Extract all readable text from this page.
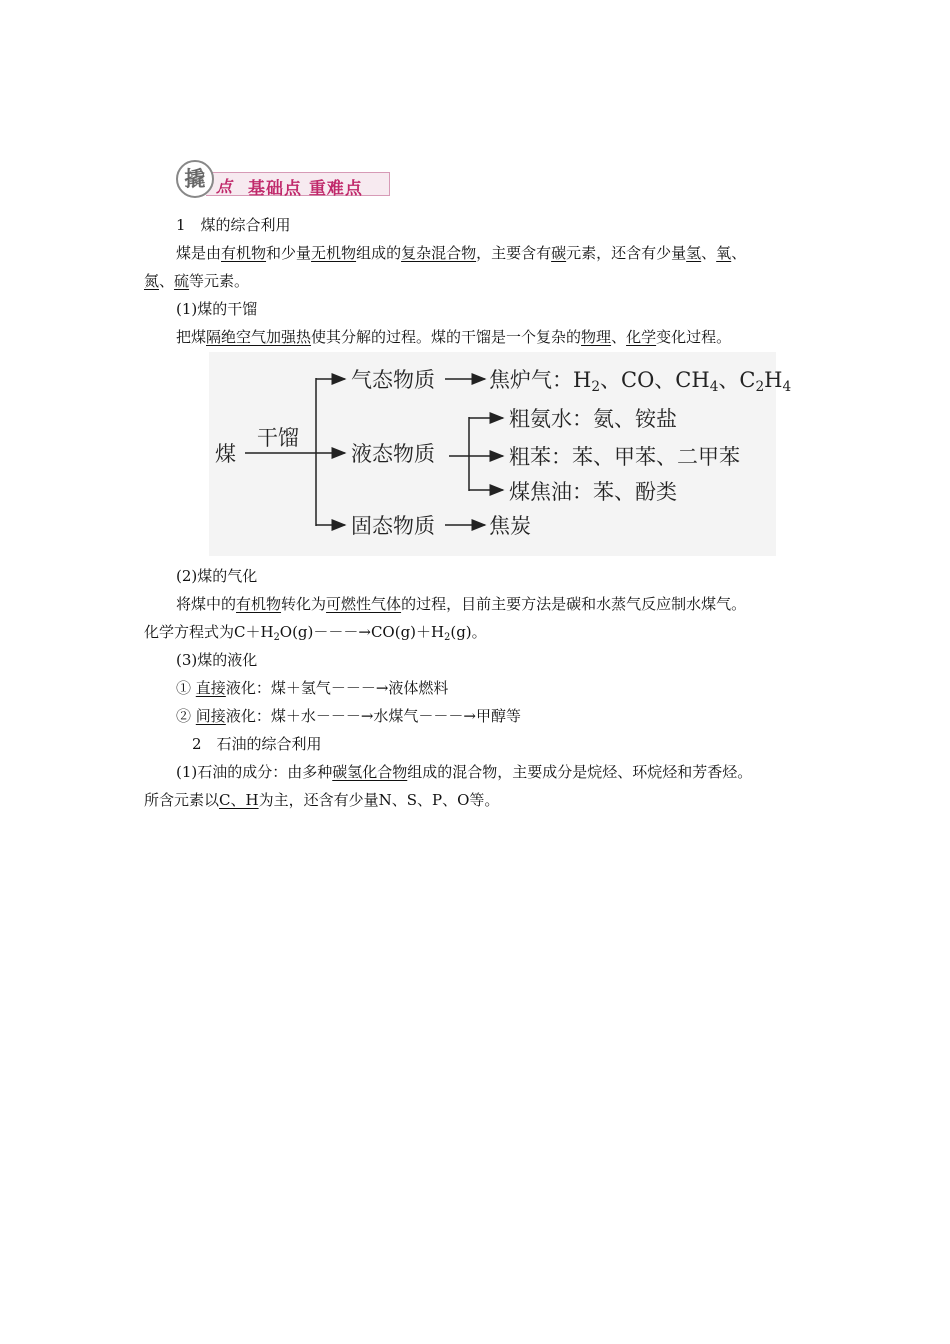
撬 点 基础点 重难点
1　煤的综合利用
煤是由有机物和少量无机物组成的复杂混合物，主要含有碳元素，还含有少量氢、氧、
氮、硫等元素。
(1)煤的干馏
把煤隔绝空气加强热使其分解的过程。煤的干馏是一个复杂的物理、化学变化过程。
煤
干馏
气态物质	焦炉气：$H_2$、CO、$CH_4$、$C_2H_4$
液态物质
粗氨水：氨、铵盐
粗苯：苯、甲苯、二甲苯
煤焦油：苯、酚类
固态物质	焦炭
(2)煤的气化
将煤中的有机物转化为可燃性气体的过程，目前主要方法是碳和水蒸气反应制水煤气。
化学方程式为$C+H_2O(g)---\to CO(g)+H_2(g)$。
(3)煤的液化
① 直接液化：煤＋氢气－－－→液体燃料
② 间接液化：煤＋水－－－→水煤气－－－→甲醇等
2　石油的综合利用
(1)石油的成分：由多种碳氢化合物组成的混合物，主要成分是烷烃、环烷烃和芳香烃。
所含元素以C、H为主，还含有少量N、S、P、O等。
